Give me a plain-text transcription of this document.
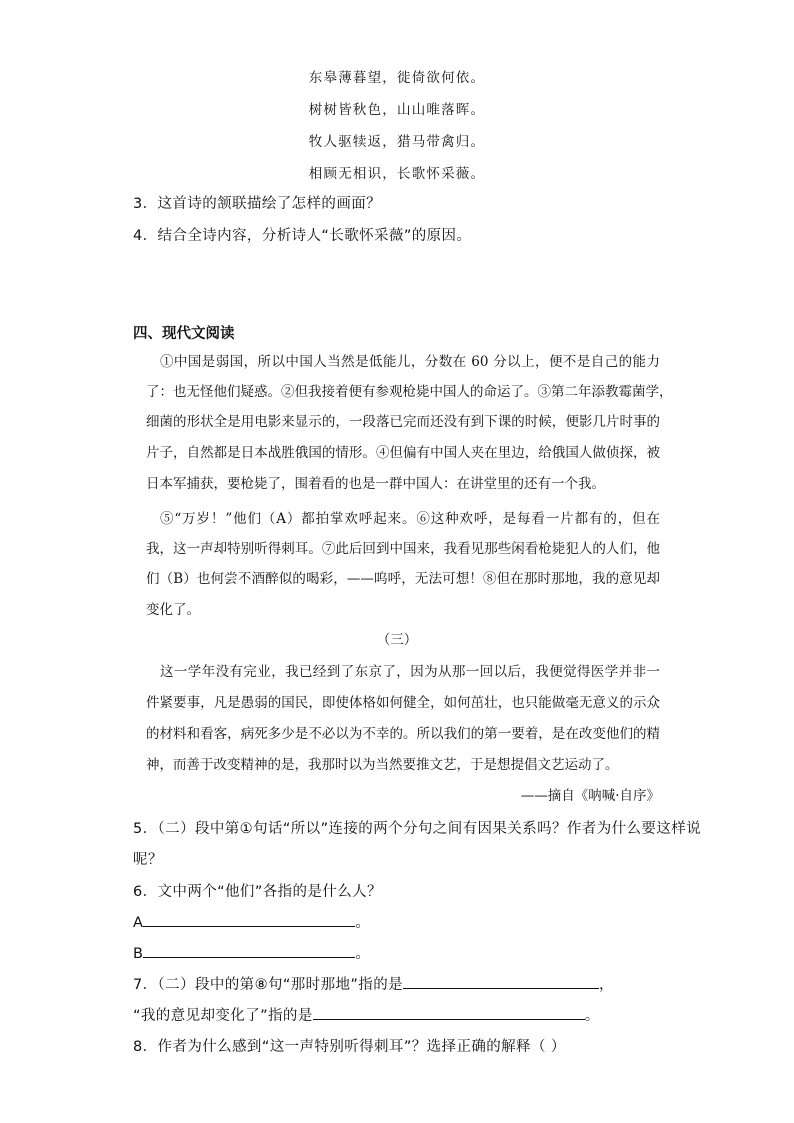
东皋薄暮望，徙倚欲何依。
树树皆秋色，山山唯落晖。
牧人驱犊返，猎马带禽归。
相顾无相识，长歌怀采薇。
3．这首诗的颔联描绘了怎样的画面？
4．结合全诗内容，分析诗人“长歌怀采薇”的原因。
四、现代文阅读
①中国是弱国，所以中国人当然是低能儿，分数在 60 分以上，便不是自己的能力
了：也无怪他们疑惑。②但我接着便有参观枪毙中国人的命运了。③第二年添教霉菌学，
细菌的形状全是用电影来显示的，一段落已完而还没有到下课的时候，便影几片时事的
片子，自然都是日本战胜俄国的情形。④但偏有中国人夹在里边，给俄国人做侦探，被
日本军捕获，要枪毙了，围着看的也是一群中国人：在讲堂里的还有一个我。
⑤“万岁！”他们（A）都拍掌欢呼起来。⑥这种欢呼，是每看一片都有的，但在
我，这一声却特别听得刺耳。⑦此后回到中国来，我看见那些闲看枪毙犯人的人们，他
们（B）也何尝不酒醉似的喝彩，——呜呼，无法可想！⑧但在那时那地，我的意见却
变化了。
（三）
这一学年没有完业，我已经到了东京了，因为从那一回以后，我便觉得医学并非一
件紧要事，凡是愚弱的国民，即使体格如何健全，如何茁壮，也只能做毫无意义的示众
的材料和看客，病死多少是不必以为不幸的。所以我们的第一要着，是在改变他们的精
神，而善于改变精神的是，我那时以为当然要推文艺，于是想提倡文艺运动了。
——摘自《呐喊·自序》
5．（二）段中第①句话“所以”连接的两个分句之间有因果关系吗？作者为什么要这样说
呢？
6．文中两个“他们”各指的是什么人？
A	。
B	。
7．（二）段中的第⑧句“那时那地”指的是	，
“我的意见却变化了”指的是	。
8．作者为什么感到“这一声特别听得刺耳”？选择正确的解释（ ）
